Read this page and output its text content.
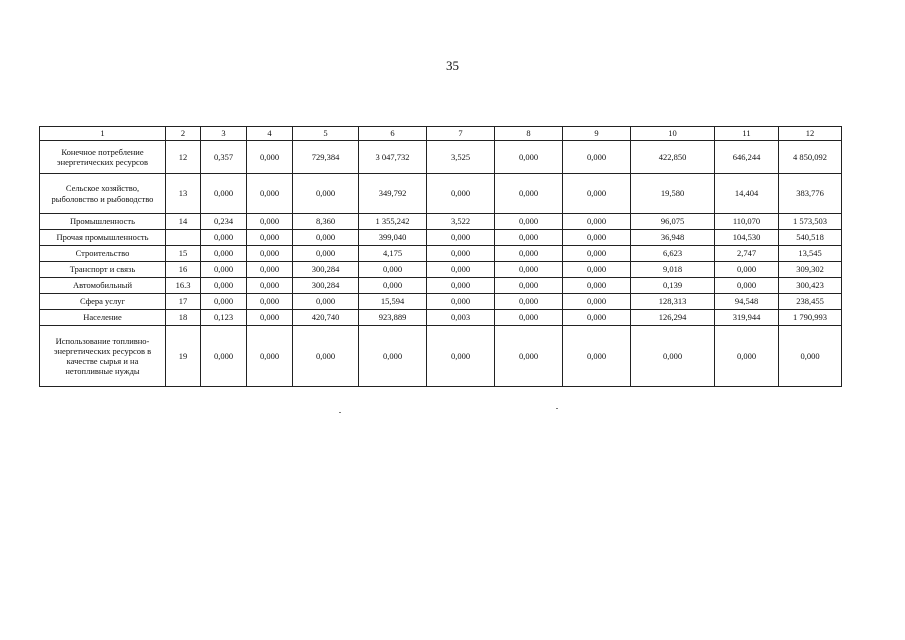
35
1	2	3	4	5	6	7	8	9	10	11	12
Конечное потребление энергетических ресурсов	12	0,357	0,000	729,384	3 047,732	3,525	0,000	0,000	422,850	646,244	4 850,092
Сельское хозяйство, рыболовство и рыбоводство	13	0,000	0,000	0,000	349,792	0,000	0,000	0,000	19,580	14,404	383,776
Промышленность	14	0,234	0,000	8,360	1 355,242	3,522	0,000	0,000	96,075	110,070	1 573,503
Прочая промышленность		0,000	0,000	0,000	399,040	0,000	0,000	0,000	36,948	104,530	540,518
Строительство	15	0,000	0,000	0,000	4,175	0,000	0,000	0,000	6,623	2,747	13,545
Транспорт и связь	16	0,000	0,000	300,284	0,000	0,000	0,000	0,000	9,018	0,000	309,302
Автомобильный	16.3	0,000	0,000	300,284	0,000	0,000	0,000	0,000	0,139	0,000	300,423
Сфера услуг	17	0,000	0,000	0,000	15,594	0,000	0,000	0,000	128,313	94,548	238,455
Население	18	0,123	0,000	420,740	923,889	0,003	0,000	0,000	126,294	319,944	1 790,993
Использование топливно-энергетических ресурсов в качестве сырья и на нетопливные нужды	19	0,000	0,000	0,000	0,000	0,000	0,000	0,000	0,000	0,000	0,000
